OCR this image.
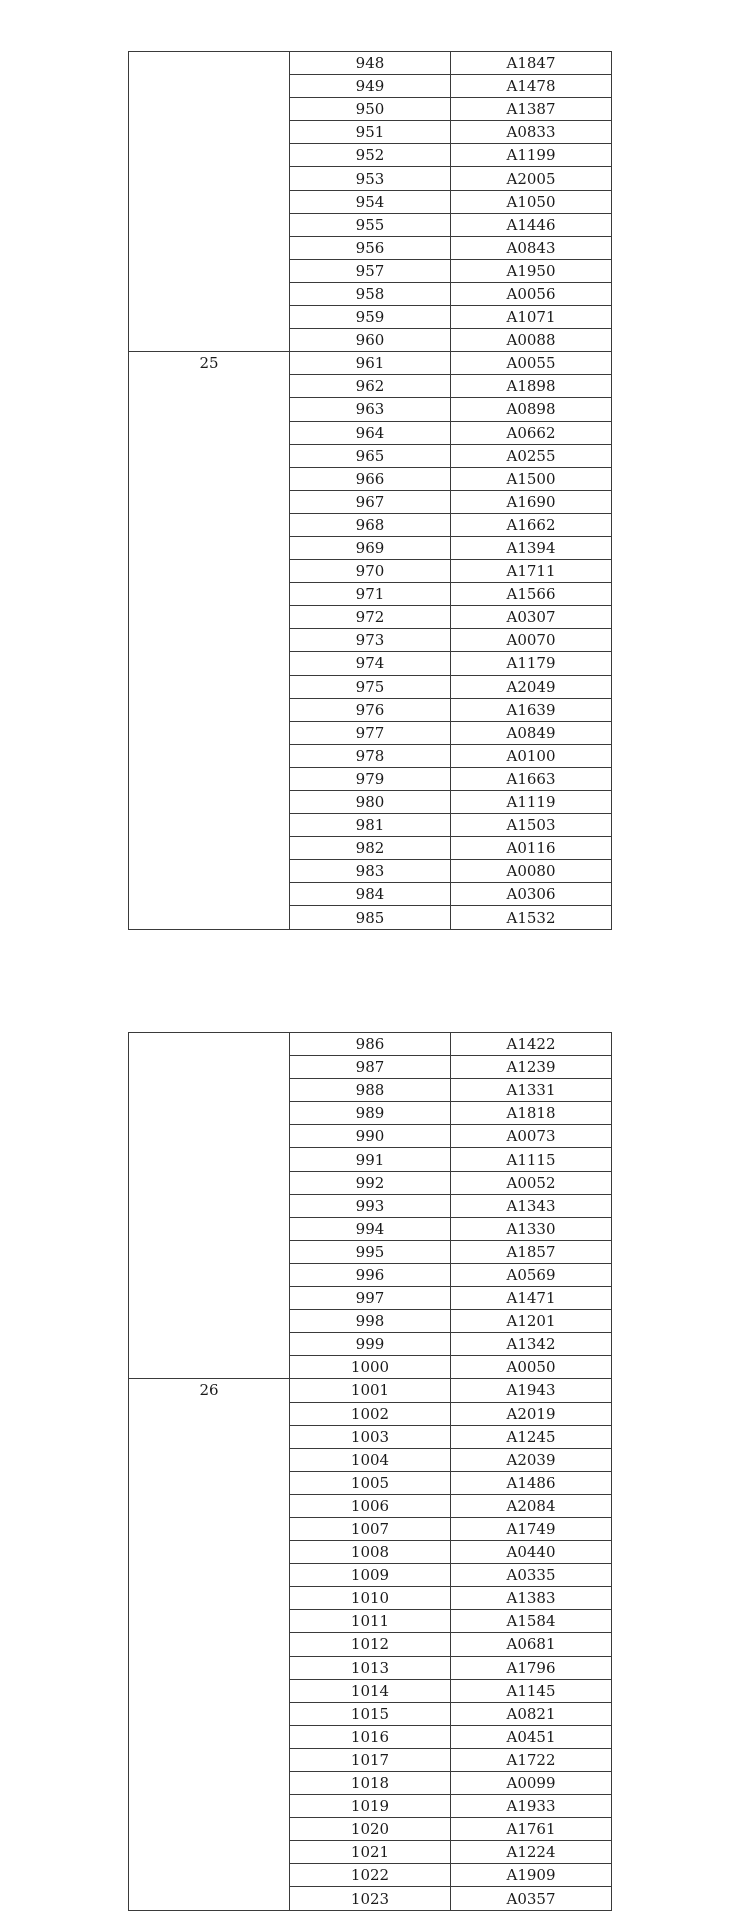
	948	A1847
	949	A1478
	950	A1387
	951	A0833
	952	A1199
	953	A2005
	954	A1050
	955	A1446
	956	A0843
	957	A1950
	958	A0056
	959	A1071
	960	A0088
25	961	A0055
	962	A1898
	963	A0898
	964	A0662
	965	A0255
	966	A1500
	967	A1690
	968	A1662
	969	A1394
	970	A1711
	971	A1566
	972	A0307
	973	A0070
	974	A1179
	975	A2049
	976	A1639
	977	A0849
	978	A0100
	979	A1663
	980	A1119
	981	A1503
	982	A0116
	983	A0080
	984	A0306
	985	A1532
	986	A1422
	987	A1239
	988	A1331
	989	A1818
	990	A0073
	991	A1115
	992	A0052
	993	A1343
	994	A1330
	995	A1857
	996	A0569
	997	A1471
	998	A1201
	999	A1342
	1000	A0050
26	1001	A1943
	1002	A2019
	1003	A1245
	1004	A2039
	1005	A1486
	1006	A2084
	1007	A1749
	1008	A0440
	1009	A0335
	1010	A1383
	1011	A1584
	1012	A0681
	1013	A1796
	1014	A1145
	1015	A0821
	1016	A0451
	1017	A1722
	1018	A0099
	1019	A1933
	1020	A1761
	1021	A1224
	1022	A1909
	1023	A0357
